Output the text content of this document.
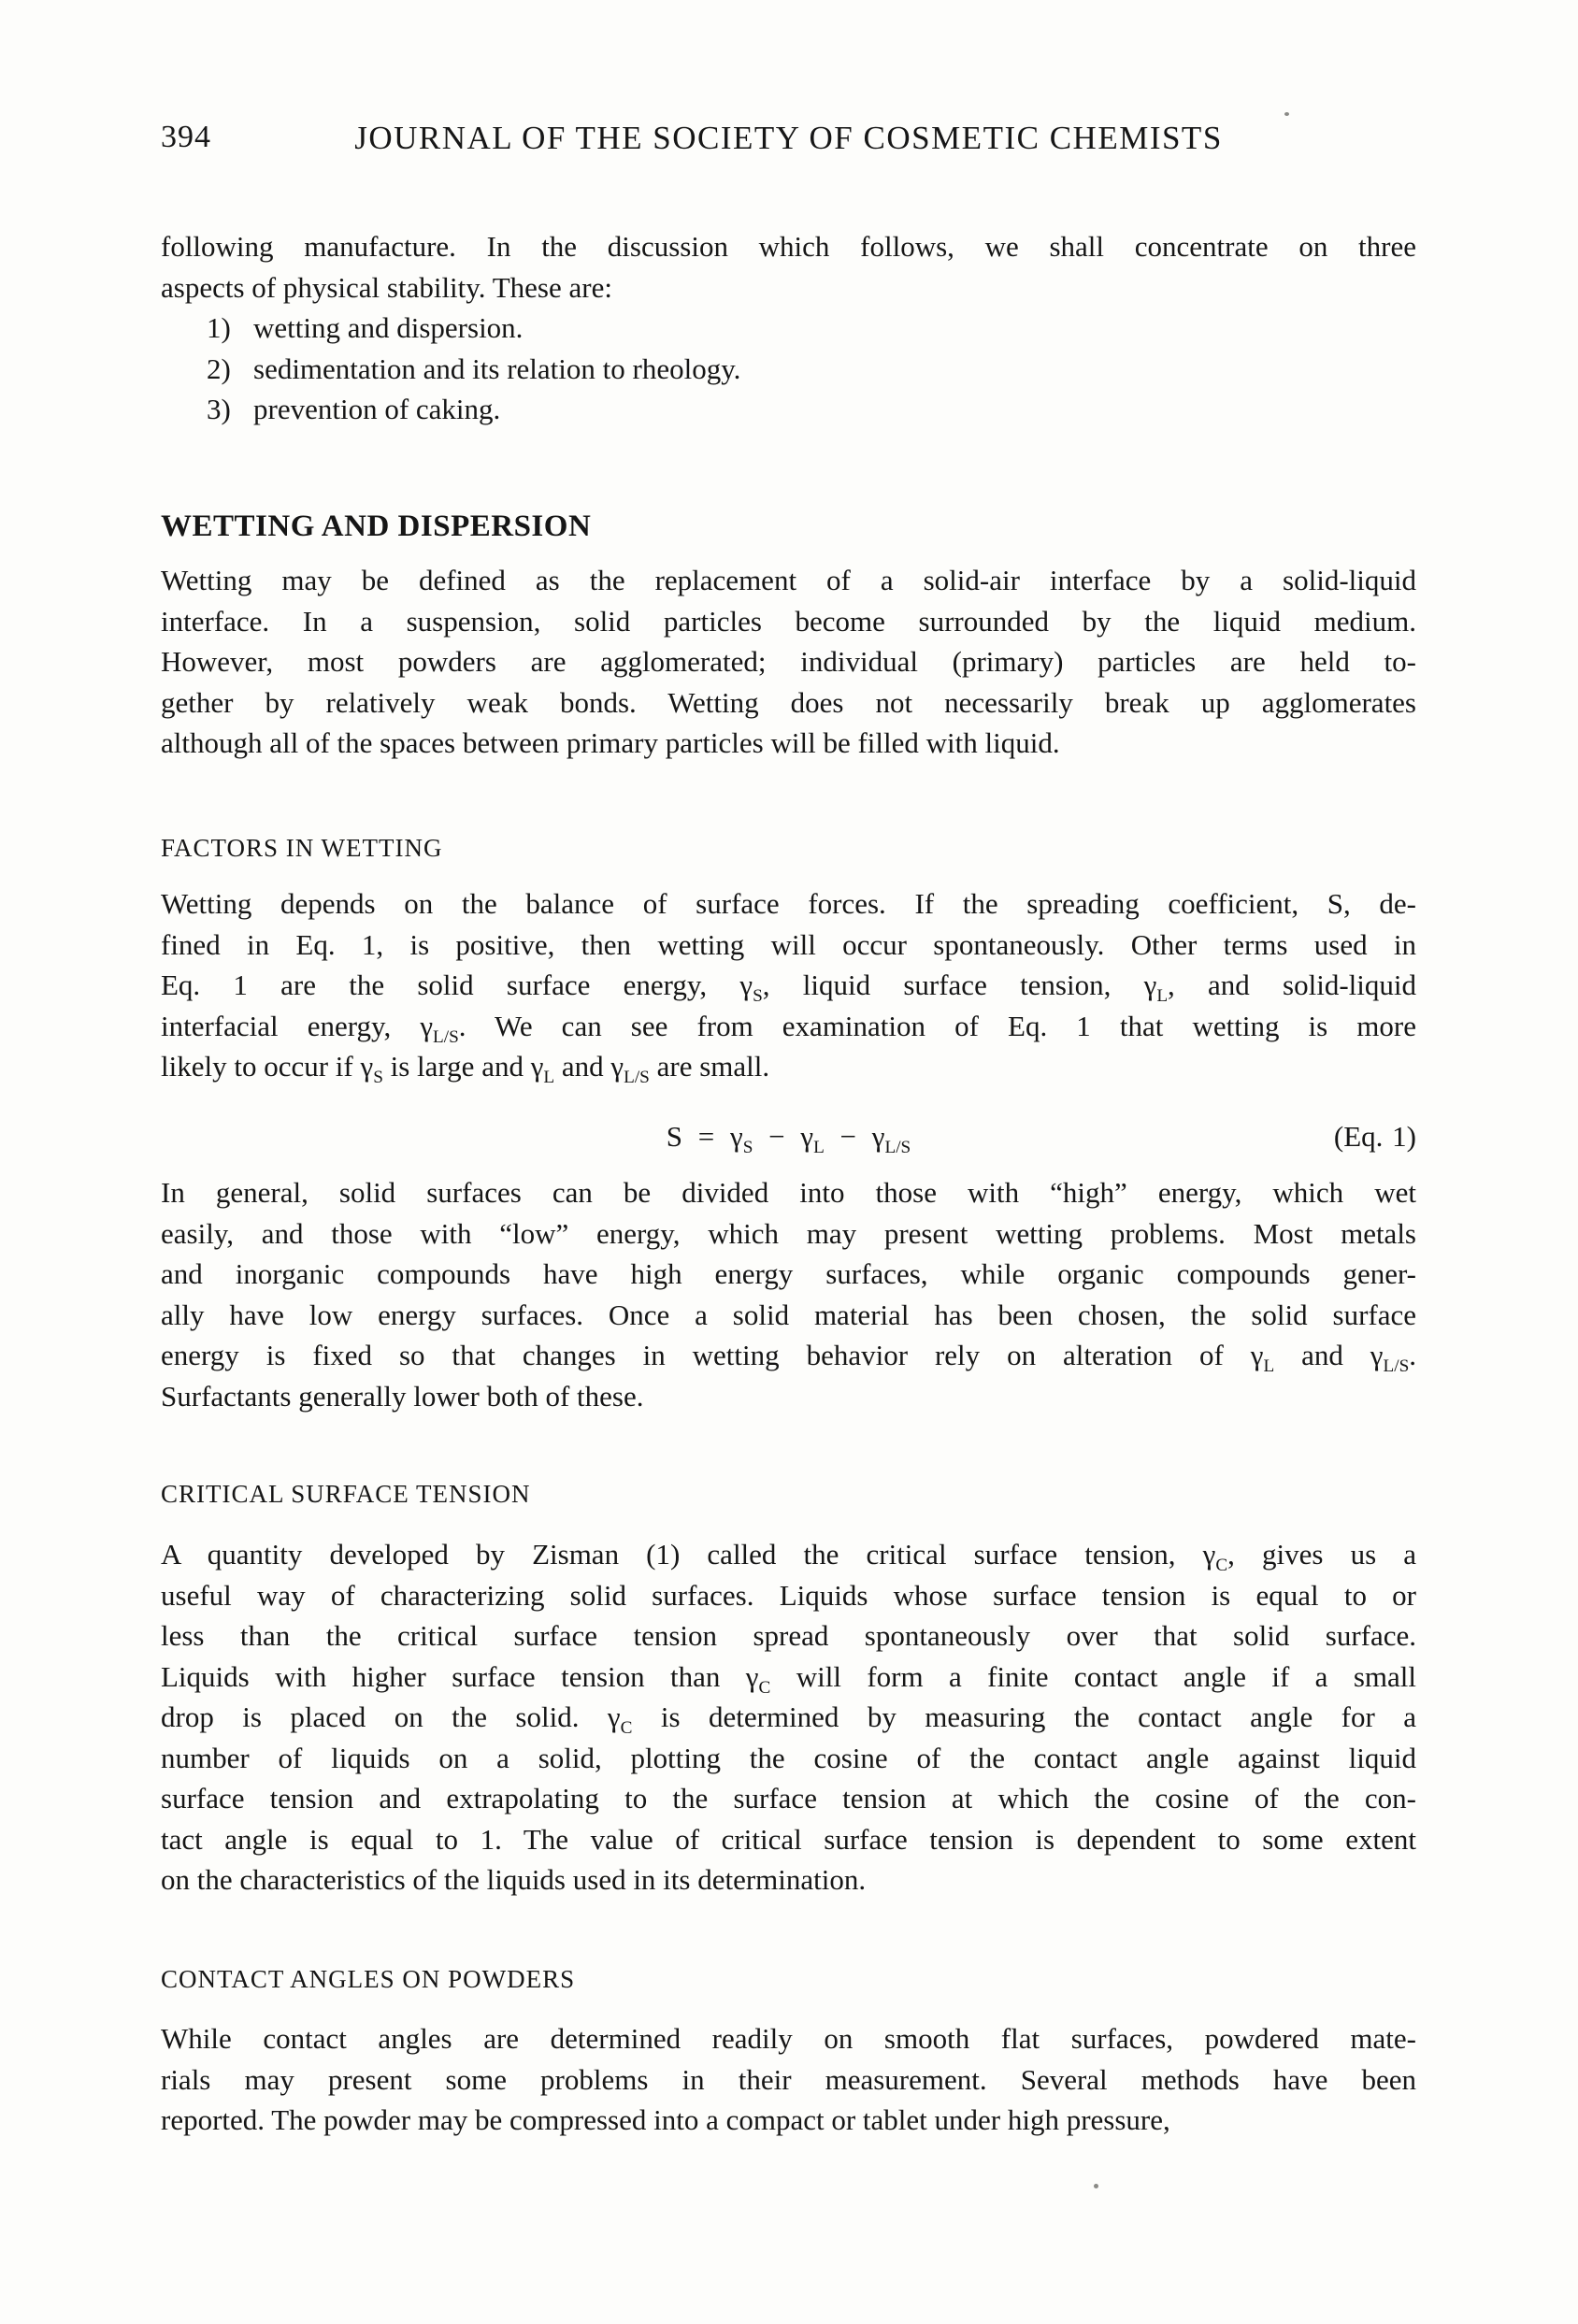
394	JOURNAL OF THE SOCIETY OF COSMETIC CHEMISTS
following manufacture. In the discussion which follows, we shall concentrate on three
aspects of physical stability. These are:
1) wetting and dispersion.
2) sedimentation and its relation to rheology.
3) prevention of caking.
WETTING AND DISPERSION
Wetting may be defined as the replacement of a solid-air interface by a solid-liquid
interface. In a suspension, solid particles become surrounded by the liquid medium.
However, most powders are agglomerated; individual (primary) particles are held to-
gether by relatively weak bonds. Wetting does not necessarily break up agglomerates
although all of the spaces between primary particles will be filled with liquid.
FACTORS IN WETTING
Wetting depends on the balance of surface forces. If the spreading coefficient, S, de-
fined in Eq. 1, is positive, then wetting will occur spontaneously. Other terms used in
Eq. 1 are the solid surface energy, $\gamma_S$, liquid surface tension, $\gamma_L$, and solid-liquid
interfacial energy, $\gamma_{L/S}$. We can see from examination of Eq. 1 that wetting is more
likely to occur if $\gamma_S$ is large and $\gamma_L$ and $\gamma_{L/S}$ are small.
$S = \gamma_S - \gamma_L - \gamma_{L/S}$	(Eq. 1)
In general, solid surfaces can be divided into those with “high” energy, which wet
easily, and those with “low” energy, which may present wetting problems. Most metals
and inorganic compounds have high energy surfaces, while organic compounds gener-
ally have low energy surfaces. Once a solid material has been chosen, the solid surface
energy is fixed so that changes in wetting behavior rely on alteration of $\gamma_L$ and $\gamma_{L/S}$.
Surfactants generally lower both of these.
CRITICAL SURFACE TENSION
A quantity developed by Zisman (1) called the critical surface tension, $\gamma_C$, gives us a
useful way of characterizing solid surfaces. Liquids whose surface tension is equal to or
less than the critical surface tension spread spontaneously over that solid surface.
Liquids with higher surface tension than $\gamma_C$ will form a finite contact angle if a small
drop is placed on the solid. $\gamma_C$ is determined by measuring the contact angle for a
number of liquids on a solid, plotting the cosine of the contact angle against liquid
surface tension and extrapolating to the surface tension at which the cosine of the con-
tact angle is equal to 1. The value of critical surface tension is dependent to some extent
on the characteristics of the liquids used in its determination.
CONTACT ANGLES ON POWDERS
While contact angles are determined readily on smooth flat surfaces, powdered mate-
rials may present some problems in their measurement. Several methods have been
reported. The powder may be compressed into a compact or tablet under high pressure,
